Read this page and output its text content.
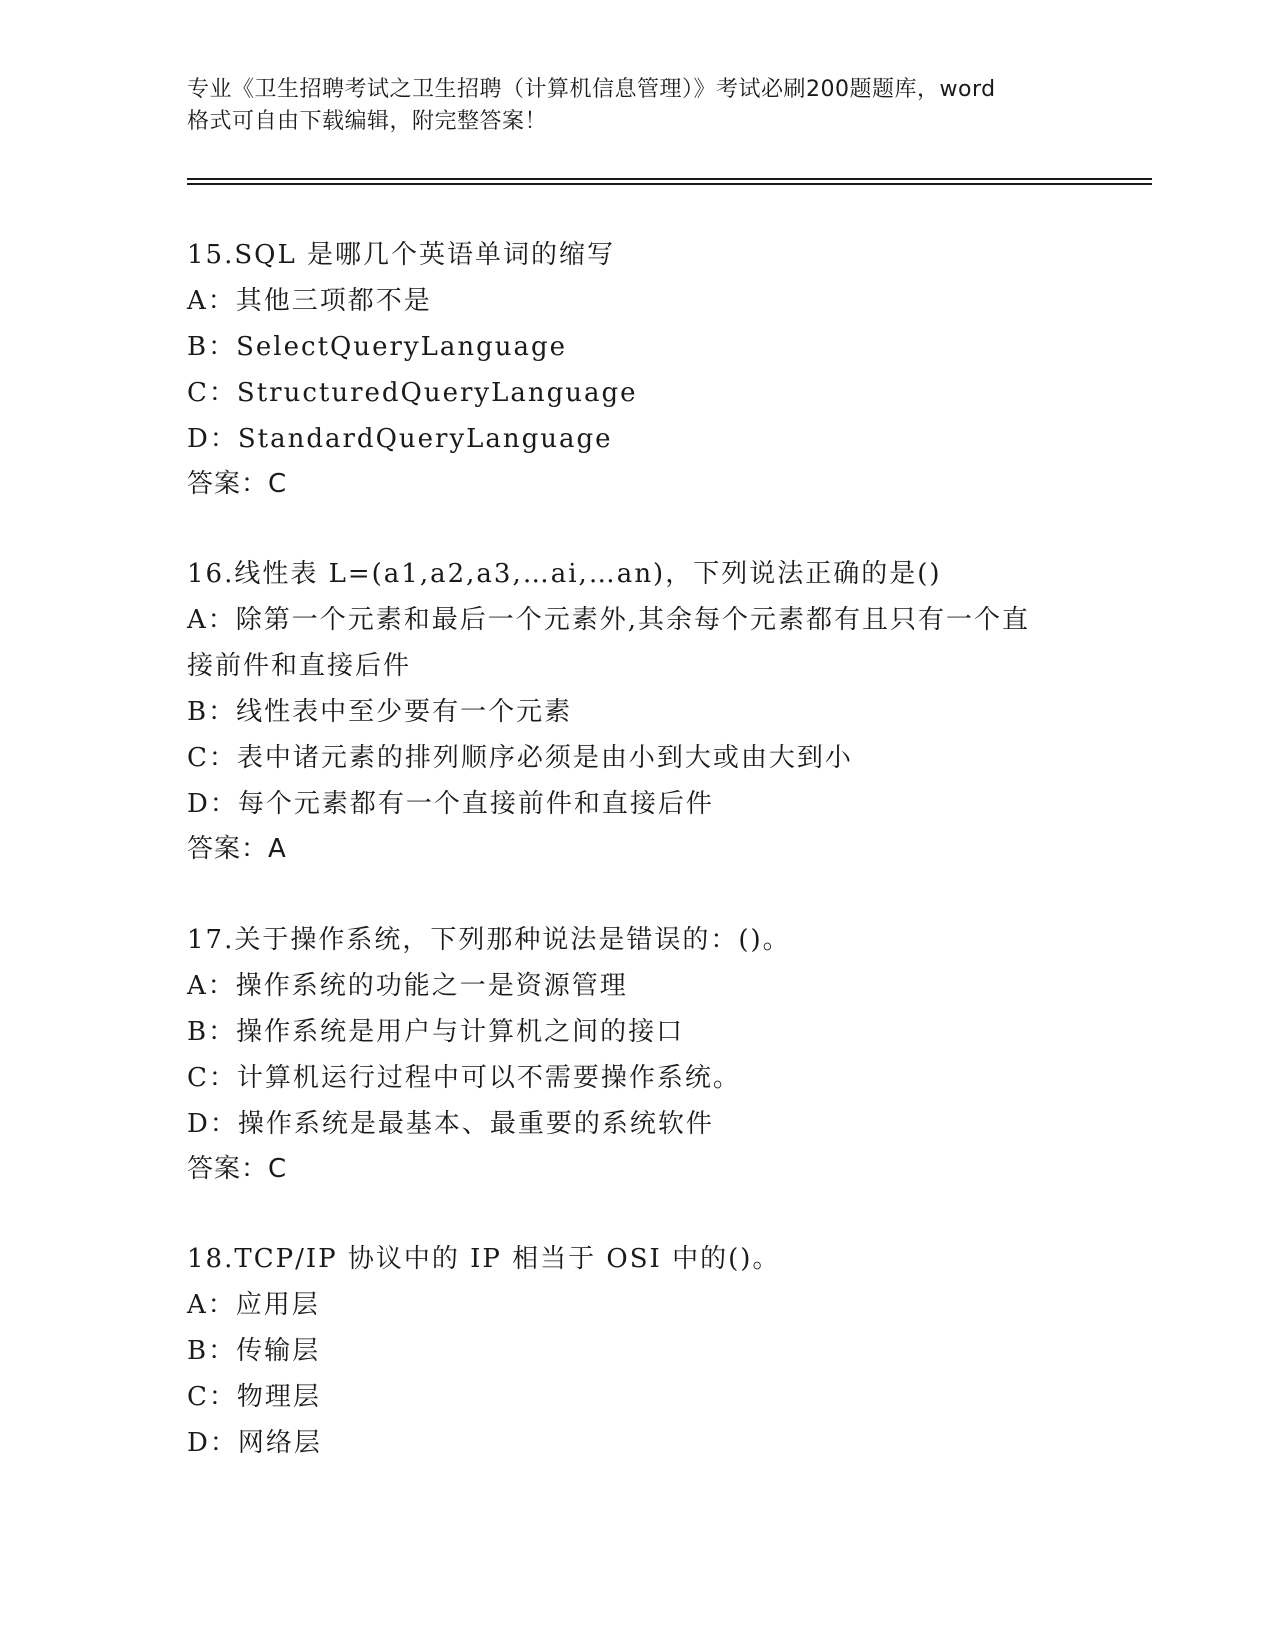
专业《卫生招聘考试之卫生招聘（计算机信息管理）》考试必刷200题题库，word
格式可自由下载编辑，附完整答案！

15.SQL 是哪几个英语单词的缩写

A：其他三项都不是

B：SelectQueryLanguage

C：StructuredQueryLanguage

D：StandardQueryLanguage

答案：C

16.线性表 L=(a1,a2,a3,…ai,…an)，下列说法正确的是()

A：除第一个元素和最后一个元素外,其余每个元素都有且只有一个直

接前件和直接后件

B：线性表中至少要有一个元素

C：表中诸元素的排列顺序必须是由小到大或由大到小

D：每个元素都有一个直接前件和直接后件

答案：A

17.关于操作系统，下列那种说法是错误的：()。

A：操作系统的功能之一是资源管理

B：操作系统是用户与计算机之间的接口

C：计算机运行过程中可以不需要操作系统。

D：操作系统是最基本、最重要的系统软件

答案：C

18.TCP/IP 协议中的 IP 相当于 OSI 中的()。

A：应用层

B：传输层

C：物理层

D：网络层
